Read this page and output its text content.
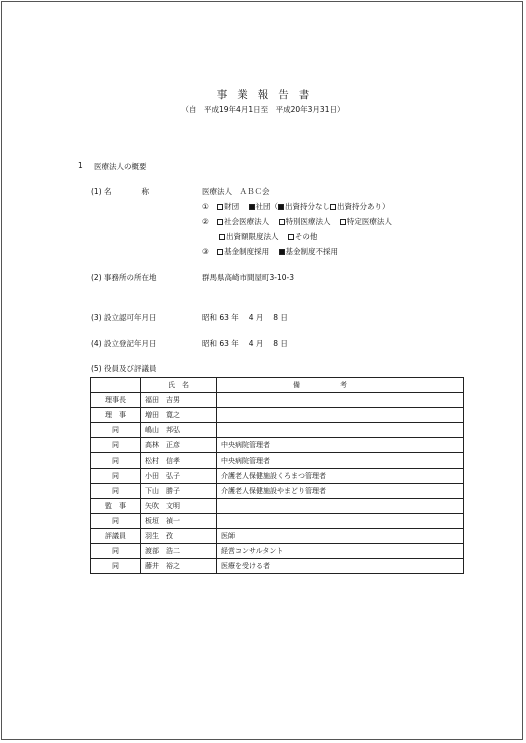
事業報告書
（自　平成19年4月1日至　平成20年3月31日）
1 医療法人の概要
(1) 名　　　　称	医療法人　ＡＢＣ会
① 財団 社団（ 出資持分なし 出資持分あり）
② 社会医療法人 特別医療法人 特定医療法人
出資額限度法人 その他
③ 基金制度採用 基金制度不採用
(2) 事務所の所在地	群馬県高崎市間屋町3-10-3
(3) 設立認可年月日	昭和 63 年　 4 月　 8 日
(4) 設立登記年月日	昭和 63 年　 4 月　 8 日
(5) 役員及び評議員
	氏　名	備考
理事長	福田　吉男	
理　事	増田　寛之	
同	嶋山　邦弘	
同	高林　正彦	中央病院管理者
同	松村　信孝	中央病院管理者
同	小田　弘子	介護老人保健施設くろまつ管理者
同	下山　勝子	介護老人保健施設やまどり管理者
監　事	矢吹　文明	
同	板垣　禎一	
評議員	羽生　孜	医師
同	渡部　浩二	経営コンサルタント
同	藤井　裕之	医療を受ける者
